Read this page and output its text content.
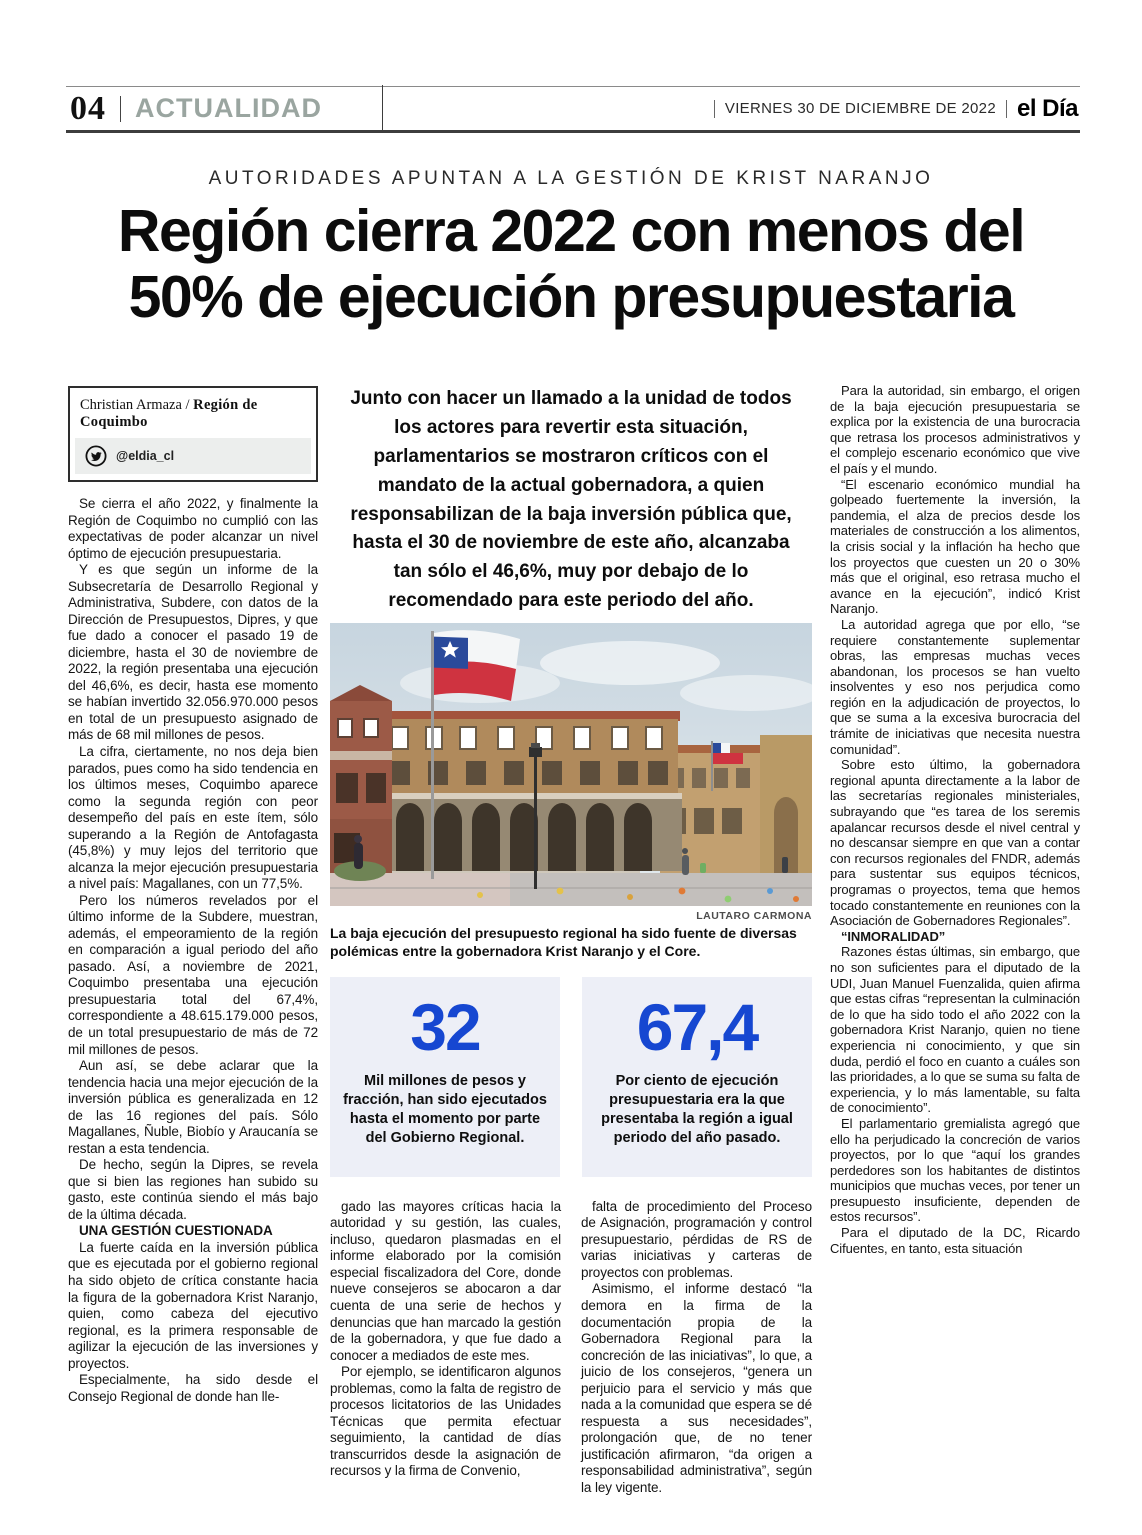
04 ACTUALIDAD	VIERNES 30 DE DICIEMBRE DE 2022 el Día
AUTORIDADES APUNTAN A LA GESTIÓN DE KRIST NARANJO
Región cierra 2022 con menos del
50% de ejecución presupuestaria
Christian Armaza / Región de Coquimbo
@eldia_cl

Se cierra el año 2022, y finalmente la Región de Coquimbo no cumplió con las expectativas de poder alcanzar un nivel óptimo de ejecución presupuestaria.

Y es que según un informe de la Subsecretaría de Desarrollo Regional y Administrativa, Subdere, con datos de la Dirección de Presupuestos, Dipres, y que fue dado a conocer el pasado 19 de diciembre, hasta el 30 de noviembre de 2022, la región presentaba una ejecución del 46,6%, es decir, hasta ese momento se habían invertido 32.056.970.000 pesos en total de un presupuesto asignado de más de 68 mil millones de pesos.

La cifra, ciertamente, no nos deja bien parados, pues como ha sido tendencia en los últimos meses, Coquimbo aparece como la segunda región con peor desempeño del país en este ítem, sólo superando a la Región de Antofagasta (45,8%) y muy lejos del territorio que alcanza la mejor ejecución presupuestaria a nivel país: Magallanes, con un 77,5%.

Pero los números revelados por el último informe de la Subdere, muestran, además, el empeoramiento de la región en comparación a igual periodo del año pasado. Así, a noviembre de 2021, Coquimbo presentaba una ejecución presupuestaria total del 67,4%, correspondiente a 48.615.179.000 pesos, de un total presupuestario de más de 72 mil millones de pesos.

Aun así, se debe aclarar que la tendencia hacia una mejor ejecución de la inversión pública es generalizada en 12 de las 16 regiones del país. Sólo Magallanes, Ñuble, Biobío y Araucanía se restan a esta tendencia.

De hecho, según la Dipres, se revela que si bien las regiones han subido su gasto, este continúa siendo el más bajo de la última década.

UNA GESTIÓN CUESTIONADA

La fuerte caída en la inversión pública que es ejecutada por el gobierno regional ha sido objeto de crítica constante hacia la figura de la gobernadora Krist Naranjo, quien, como cabeza del ejecutivo regional, es la primera responsable de agilizar la ejecución de las inversiones y proyectos.

Especialmente, ha sido desde el Consejo Regional de donde han lle-

Junto con hacer un llamado a la unidad de todos los actores para revertir esta situación, parlamentarios se mostraron críticos con el mandato de la actual gobernadora, a quien responsabilizan de la baja inversión pública que, hasta el 30 de noviembre de este año, alcanzaba tan sólo el 46,6%, muy por debajo de lo recomendado para este periodo del año.
LAUTARO CARMONA
La baja ejecución del presupuesto regional ha sido fuente de diversas polémicas entre la gobernadora Krist Naranjo y el Core.
32
Mil millones de pesos y fracción, han sido ejecutados hasta el momento por parte del Gobierno Regional.
67,4
Por ciento de ejecución presupuestaria era la que presentaba la región a igual periodo del año pasado.

gado las mayores críticas hacia la autoridad y su gestión, las cuales, incluso, quedaron plasmadas en el informe elaborado por la comisión especial fiscalizadora del Core, donde nueve consejeros se abocaron a dar cuenta de una serie de hechos y denuncias que han marcado la gestión de la gobernadora, y que fue dado a conocer a mediados de este mes.

Por ejemplo, se identificaron algunos problemas, como la falta de registro de procesos licitatorios de las Unidades Técnicas que permita efectuar seguimiento, la cantidad de días transcurridos desde la asignación de recursos y la firma de Convenio,

falta de procedimiento del Proceso de Asignación, programación y control presupuestario, pérdidas de RS de varias iniciativas y carteras de proyectos con problemas.

Asimismo, el informe destacó “la demora en la firma de la documentación propia de la Gobernadora Regional para la concreción de las iniciativas”, lo que, a juicio de los consejeros, “genera un perjuicio para el servicio y más que nada a la comunidad que espera se dé respuesta a sus necesidades”, prolongación que, de no tener justificación afirmaron, “da origen a responsabilidad administrativa”, según la ley vigente.

Para la autoridad, sin embargo, el origen de la baja ejecución presupuestaria se explica por la existencia de una burocracia que retrasa los procesos administrativos y el complejo escenario económico que vive el país y el mundo.

“El escenario económico mundial ha golpeado fuertemente la inversión, la pandemia, el alza de precios desde los materiales de construcción a los alimentos, la crisis social y la inflación ha hecho que los proyectos que cuesten un 20 o 30% más que el original, eso retrasa mucho el avance en la ejecución”, indicó Krist Naranjo.

La autoridad agrega que por ello, “se requiere constantemente suplementar obras, las empresas muchas veces abandonan, los procesos se han vuelto insolventes y eso nos perjudica como región en la adjudicación de proyectos, lo que se suma a la excesiva burocracia del trámite de iniciativas que necesita nuestra comunidad”.

Sobre esto último, la gobernadora regional apunta directamente a la labor de las secretarías regionales ministeriales, subrayando que “es tarea de los seremis apalancar recursos desde el nivel central y no descansar siempre en que van a contar con recursos regionales del FNDR, además para sustentar sus equipos técnicos, programas o proyectos, tema que hemos tocado constantemente en reuniones con la Asociación de Gobernadores Regionales”.

“INMORALIDAD”

Razones éstas últimas, sin embargo, que no son suficientes para el diputado de la UDI, Juan Manuel Fuenzalida, quien afirma que estas cifras “representan la culminación de lo que ha sido todo el año 2022 con la gobernadora Krist Naranjo, quien no tiene experiencia ni conocimiento, y que sin duda, perdió el foco en cuanto a cuáles son las prioridades, a lo que se suma su falta de experiencia, y lo más lamentable, su falta de conocimiento”.

El parlamentario gremialista agregó que ello ha perjudicado la concreción de varios proyectos, por lo que “aquí los grandes perdedores son los habitantes de distintos municipios que muchas veces, por tener un presupuesto insuficiente, dependen de estos recursos”.

Para el diputado de la DC, Ricardo Cifuentes, en tanto, esta situación
